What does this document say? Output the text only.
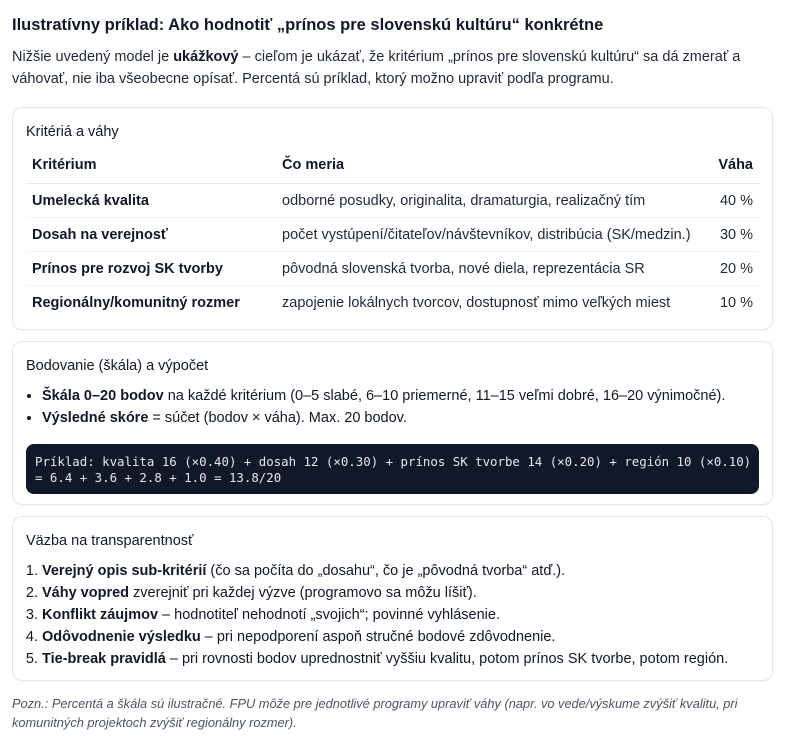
Ilustratívny príklad: Ako hodnotiť „prínos pre slovenskú kultúru“ konkrétne

Nižšie uvedený model je ukážkový – cieľom je ukázať, že kritérium „prínos pre slovenskú kultúru“ sa dá zmerať a váhovať, nie iba všeobecne opísať. Percentá sú príklad, ktorý možno upraviť podľa programu.

Kritériá a váhy
Kritérium	Čo meria	Váha
Umelecká kvalita	odborné posudky, originalita, dramaturgia, realizačný tím	40 %
Dosah na verejnosť	počet vystúpení/čitateľov/návštevníkov, distribúcia (SK/medzin.)	30 %
Prínos pre rozvoj SK tvorby	pôvodná slovenská tvorba, nové diela, reprezentácia SR	20 %
Regionálny/komunitný rozmer	zapojenie lokálnych tvorcov, dostupnosť mimo veľkých miest	10 %
Bodovanie (škála) a výpočet
• Škála 0–20 bodov na každé kritérium (0–5 slabé, 6–10 priemerné, 11–15 veľmi dobré, 16–20 výnimočné).
• Výsledné skóre = súčet (bodov × váha). Max. 20 bodov.
Príklad: kvalita 16 (×0.40) + dosah 12 (×0.30) + prínos SK tvorbe 14 (×0.20) + región 10 (×0.10)
= 6.4 + 3.6 + 2.8 + 1.0 = 13.8/20
Väzba na transparentnosť
1. Verejný opis sub-kritérií (čo sa počíta do „dosahu“, čo je „pôvodná tvorba“ atď.).
2. Váhy vopred zverejniť pri každej výzve (programovo sa môžu líšiť).
3. Konflikt záujmov – hodnotiteľ nehodnotí „svojich“; povinné vyhlásenie.
4. Odôvodnenie výsledku – pri nepodporení aspoň stručné bodové zdôvodnenie.
5. Tie-break pravidlá – pri rovnosti bodov uprednostniť vyššiu kvalitu, potom prínos SK tvorbe, potom región.
Pozn.: Percentá a škála sú ilustračné. FPU môže pre jednotlivé programy upraviť váhy (napr. vo vede/výskume zvýšiť kvalitu, pri komunitných projektoch zvýšiť regionálny rozmer).
